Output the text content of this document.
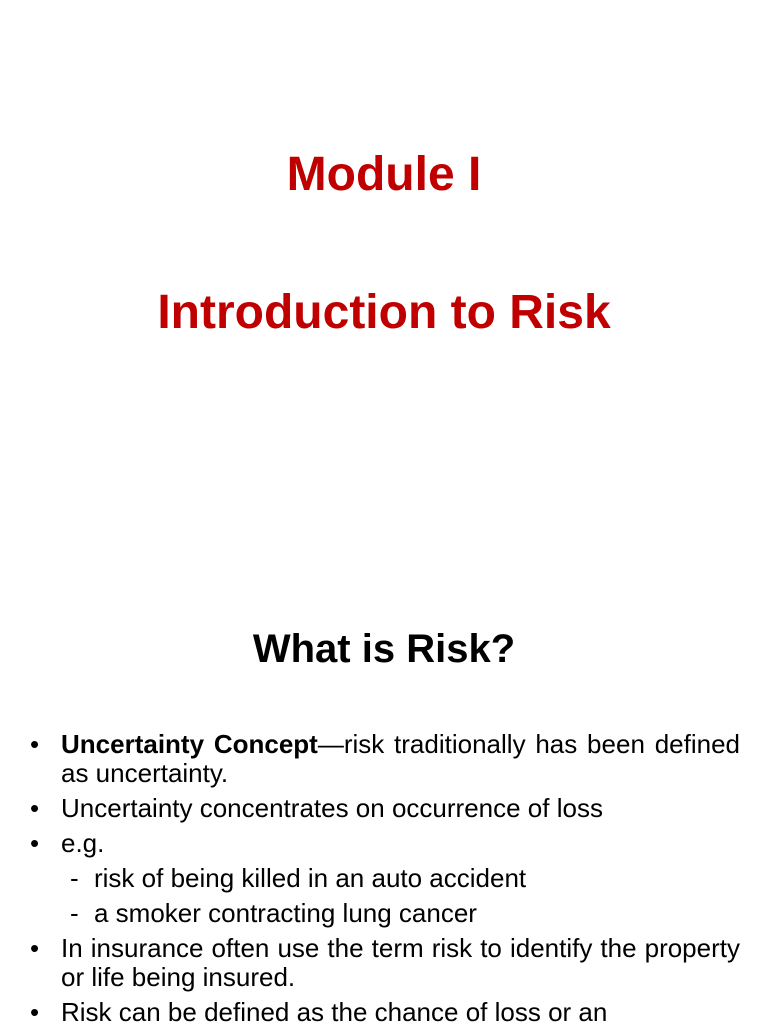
Module I
Introduction to Risk
What is Risk?
• Uncertainty Concept—risk traditionally has been defined as uncertainty.
• Uncertainty concentrates on occurrence of loss
• e.g.
- risk of being killed in an auto accident
- a smoker contracting lung cancer
• In insurance often use the term risk to identify the property or life being insured.
• Risk can be defined as the chance of loss or an
